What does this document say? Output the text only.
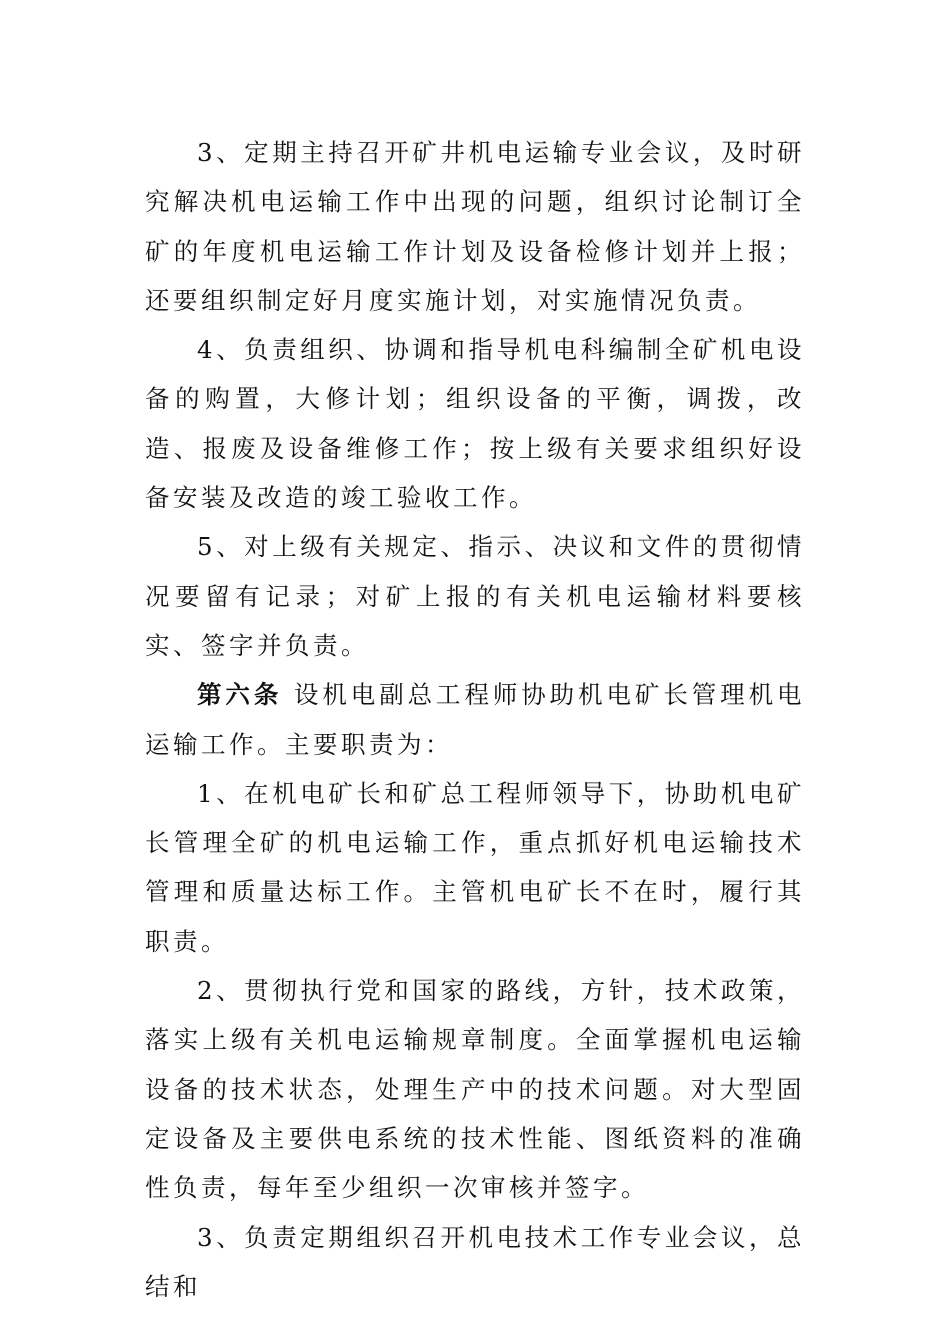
3、定期主持召开矿井机电运输专业会议，及时研究解决机电运输工作中出现的问题，组织讨论制订全矿的年度机电运输工作计划及设备检修计划并上报；还要组织制定好月度实施计划，对实施情况负责。

4、负责组织、协调和指导机电科编制全矿机电设备的购置，大修计划；组织设备的平衡，调拨，改造、报废及设备维修工作；按上级有关要求组织好设备安装及改造的竣工验收工作。

5、对上级有关规定、指示、决议和文件的贯彻情况要留有记录；对矿上报的有关机电运输材料要核实、签字并负责。

第六条 设机电副总工程师协助机电矿长管理机电运输工作。主要职责为：

1、在机电矿长和矿总工程师领导下，协助机电矿长管理全矿的机电运输工作，重点抓好机电运输技术管理和质量达标工作。主管机电矿长不在时，履行其职责。

2、贯彻执行党和国家的路线，方针，技术政策，落实上级有关机电运输规章制度。全面掌握机电运输设备的技术状态，处理生产中的技术问题。对大型固定设备及主要供电系统的技术性能、图纸资料的准确性负责，每年至少组织一次审核并签字。

3、负责定期组织召开机电技术工作专业会议，总结和
